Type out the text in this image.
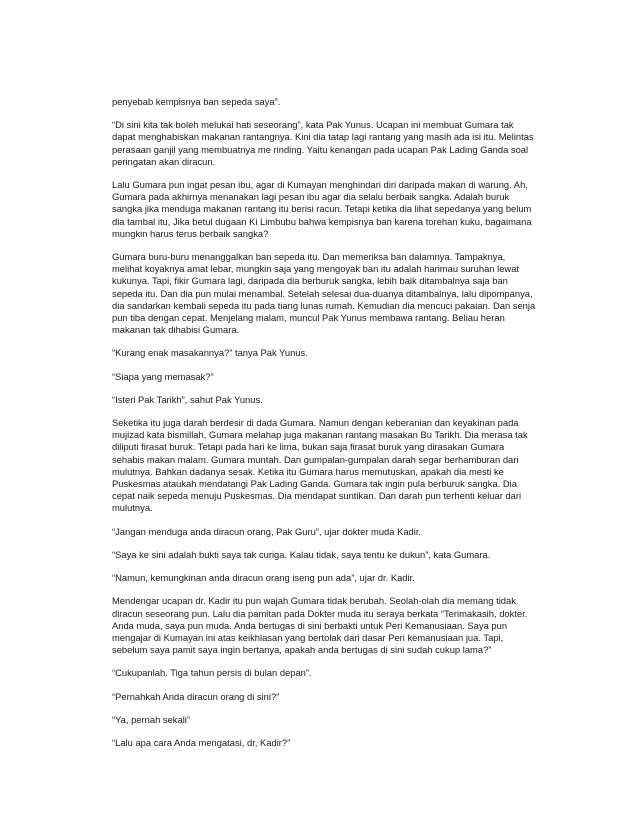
penyebab kempisnya ban sepeda saya”.

“Di sini kita tak boleh melukai hati seseorang”, kata Pak Yunus. Ucapan ini membuat Gumara tak dapat menghabiskan makanan rantangnya. Kini dia tatap lagi rantang yang masih ada isi itu. Melintas perasaan ganjil yang membuatnya me rinding. Yaitu kenangan pada ucapan Pak Lading Ganda soal peringatan akan diracun.

Lalu Gumara pun ingat pesan ibu, agar di Kumayan menghindari diri daripada makan di warung. Ah, Gumara pada akhirnya menanakan lagi pesan ibu agar dia selalu berbaik sangka. Adalah buruk sangka jika menduga makanan rantang itu berisi racun. Tetapi ketika dia lihat sepedanya yang belum dia tambal itu, Jika betul dugaan Ki Limbubu bahwa kempisnya ban karena torehan kuku, bagaimana mungkin harus terus berbaik sangka?

Gumara buru-buru menanggalkan ban sepeda itu. Dan memeriksa ban dalamnya. Tampaknya, melihat koyaknya amat lebar, mungkin saja yang mengoyak ban itu adalah harimau suruhan lewat kukunya. Tapi, fikir Gumara lagi, daripada dia berburuk sangka, lebih baik ditambalnya saja ban sepeda itu. Dan dia pun mulai menambal. Setelah selesai dua-duanya ditambalnya, lalu dipompanya, dia sandarkan kembali sepeda itu pada tiang lunas rumah. Kemudian dia mencuci pakaian. Dan senja pun tiba dengan cepat. Menjelang malam, muncul Pak Yunus membawa rantang. Beliau heran makanan tak dihabisi Gumara.

“Kurang enak masakannya?” tanya Pak Yunus.

“Siapa yang memasak?”

“Isteri Pak Tarikh”, sahut Pak Yunus.

Seketika itu juga darah berdesir di dada Gumara. Namun dengan keberanian dan keyakinan pada mujizad kata bismillah, Gumara melahap juga makanan rantang masakan Bu Tarikh. Dia merasa tak diliputi firasat buruk. Tetapi pada hari ke lima, bukan saja firasat buruk yang dirasakan Gumara sehabis makan malam. Gumara muntah. Dan gumpalan-gumpalan darah segar berhamburan dari mulutnya. Bahkan dadanya sesak. Ketika itu Gumara harus memutuskan, apakah dia mesti ke Puskesmas ataukah mendatangi Pak Lading Ganda. Gumara tak ingin pula berburuk sangka. Dia cepat naik sepeda menuju Puskesmas. Dia mendapat suntikan. Dan darah pun terhenti keluar dari mulutnya.

“Jangan menduga anda diracun orang, Pak Guru”, ujar dokter muda Kadir.

“Saya ke sini adalah bukti saya tak curiga. Kalau tidak, saya tentu ke dukun”, kata Gumara.

“Namun, kemungkinan anda diracun orang iseng pun ada”, ujar dr. Kadir.

Mendengar ucapan dr. Kadir itu pun wajah Gumara tidak berubah. Seolah-olah dia memang tidak diracun seseorang pun. Lalu dia pamitan pada Dokter muda itu seraya berkata “Terimakasih, dokter. Anda muda, saya pun muda. Anda bertugas di sini berbakti untuk Peri Kemanusiaan. Saya pun mengajar di Kumayan ini atas keikhlasan yang bertolak dari dasar Peri kemanusiaan jua. Tapi, sebelum saya pamit saya ingin bertanya, apakah anda bertugas di sini sudah cukup lama?”

“Cukupanlah. Tiga tahun persis di bulan depan”.

“Pernahkah Anda diracun orang di sini?”

“Ya, pernah sekali”

“Lalu apa cara Anda mengatasi, dr, Kadir?”
